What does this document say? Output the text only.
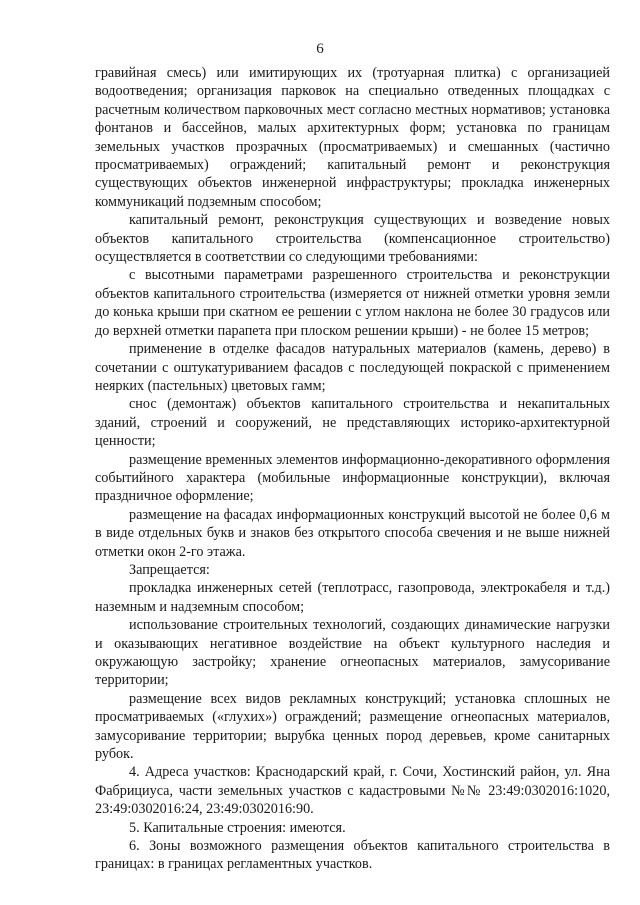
6

гравийная смесь) или имитирующих их (тротуарная плитка) с организацией водоотведения; организация парковок на специально отведенных площадках с расчетным количеством парковочных мест согласно местных нормативов; установка фонтанов и бассейнов, малых архитектурных форм; установка по границам земельных участков прозрачных (просматриваемых) и смешанных (частично просматриваемых) ограждений; капитальный ремонт и реконструкция существующих объектов инженерной инфраструктуры; прокладка инженерных коммуникаций подземным способом;

капитальный ремонт, реконструкция существующих и возведение новых объектов капитального строительства (компенсационное строительство) осуществляется в соответствии со следующими требованиями:

с высотными параметрами разрешенного строительства и реконструкции объектов капитального строительства (измеряется от нижней отметки уровня земли до конька крыши при скатном ее решении с углом наклона не более 30 градусов или до верхней отметки парапета при плоском решении крыши) - не более 15 метров;

применение в отделке фасадов натуральных материалов (камень, дерево) в сочетании с оштукатуриванием фасадов с последующей покраской с применением неярких (пастельных) цветовых гамм;

снос (демонтаж) объектов капитального строительства и некапитальных зданий, строений и сооружений, не представляющих историко-архитектурной ценности;

размещение временных элементов информационно-декоративного оформления событийного характера (мобильные информационные конструкции), включая праздничное оформление;

размещение на фасадах информационных конструкций высотой не более 0,6 м в виде отдельных букв и знаков без открытого способа свечения и не выше нижней отметки окон 2-го этажа.

Запрещается:

прокладка инженерных сетей (теплотрасс, газопровода, электрокабеля и т.д.) наземным и надземным способом;

использование строительных технологий, создающих динамические нагрузки и оказывающих негативное воздействие на объект культурного наследия и окружающую застройку; хранение огнеопасных материалов, замусоривание территории;

размещение всех видов рекламных конструкций; установка сплошных не просматриваемых («глухих») ограждений; размещение огнеопасных материалов, замусоривание территории; вырубка ценных пород деревьев, кроме санитарных рубок.

4. Адреса участков: Краснодарский край, г. Сочи, Хостинский район, ул. Яна Фабрициуса, части земельных участков с кадастровыми №№ 23:49:0302016:1020, 23:49:0302016:24, 23:49:0302016:90.

5. Капитальные строения: имеются.

6. Зоны возможного размещения объектов капитального строительства в границах: в границах регламентных участков.
